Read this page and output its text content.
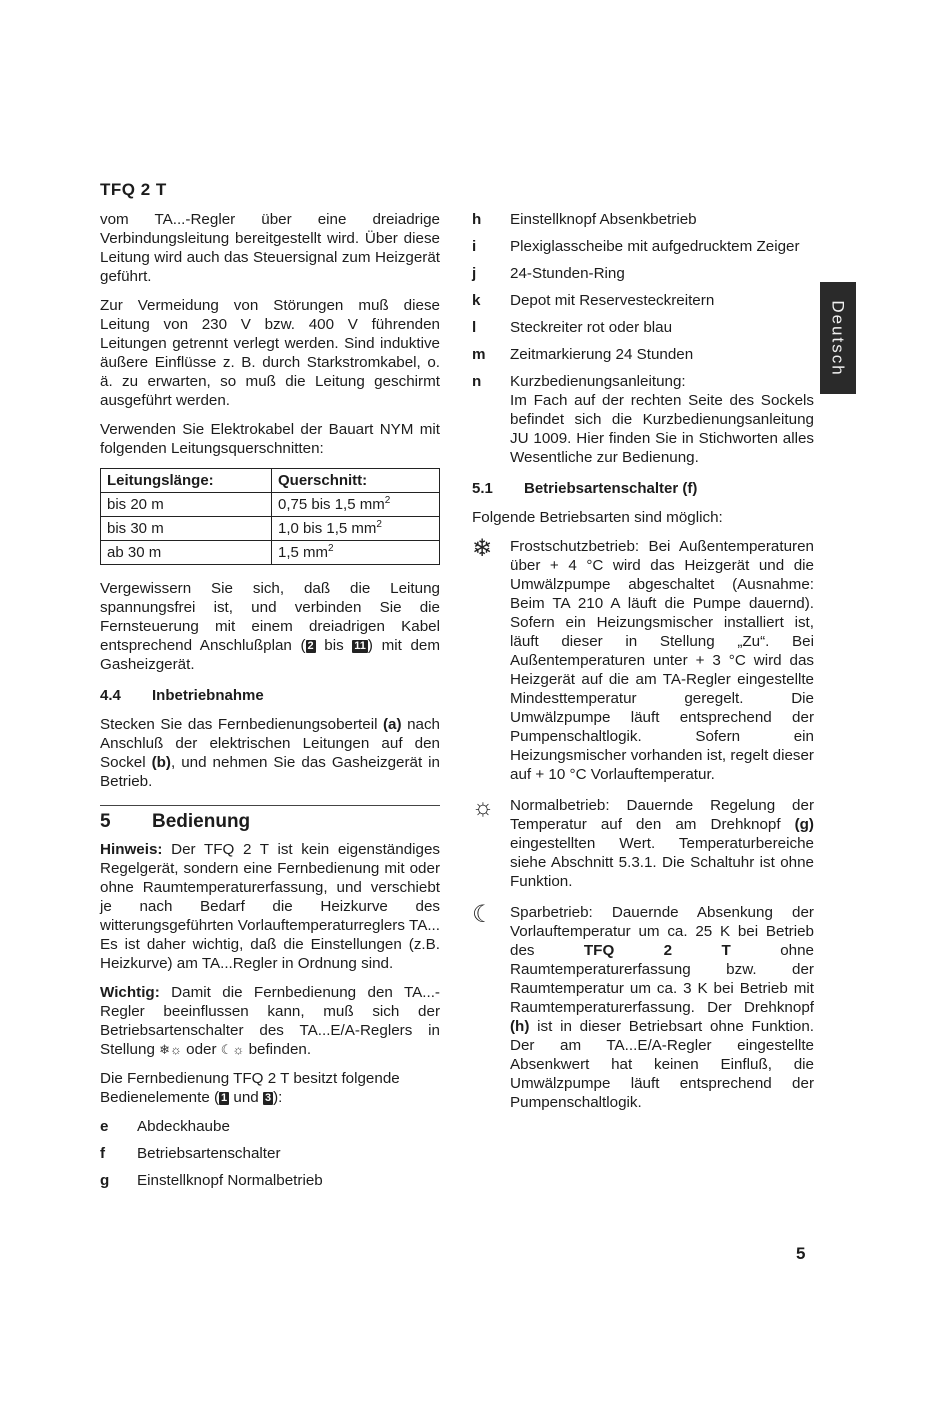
TFQ 2 T

vom TA...-Regler über eine dreiadrige Verbindungsleitung bereitgestellt wird. Über diese Leitung wird auch das Steuersignal zum Heizgerät geführt.

Zur Vermeidung von Störungen muß diese Leitung von 230 V bzw. 400 V führenden Leitungen getrennt verlegt werden. Sind induktive äußere Einflüsse z. B. durch Starkstromkabel, o. ä. zu erwarten, so muß die Leitung geschirmt ausgeführt werden.

Verwenden Sie Elektrokabel der Bauart NYM mit folgenden Leitungsquerschnitten:

Leitungslänge:	Querschnitt:
bis 20 m	0,75 bis 1,5 $mm^2$
bis 30 m	1,0 bis 1,5 $mm^2$
ab 30 m	1,5 $mm^2$

Vergewissern Sie sich, daß die Leitung spannungsfrei ist, und verbinden Sie die Fernsteuerung mit einem dreiadrigen Kabel entsprechend Anschlußplan ( 2 bis 11 ) mit dem Gasheizgerät.

4.4 Inbetriebnahme

Stecken Sie das Fernbedienungsoberteil (a) nach Anschluß der elektrischen Leitungen auf den Sockel (b), und nehmen Sie das Gasheizgerät in Betrieb.

5 Bedienung

Hinweis: Der TFQ 2 T ist kein eigenständiges Regelgerät, sondern eine Fernbedienung mit oder ohne Raumtemperaturerfassung, und verschiebt je nach Bedarf die Heizkurve des witterungsgeführten Vorlauftemperaturreglers TA... Es ist daher wichtig, daß die Einstellungen (z.B. Heizkurve) am TA...Regler in Ordnung sind.

Wichtig: Damit die Fernbedienung den TA...-Regler beeinflussen kann, muß sich der Betriebsartenschalter des TA...E/A-Reglers in Stellung ❄☼ oder ☾☼ befinden.

Die Fernbedienung TFQ 2 T besitzt folgende Bedienelemente ( 1 und 3 ):

e	Abdeckhaube
f	Betriebsartenschalter
g	Einstellknopf Normalbetrieb
h	Einstellknopf Absenkbetrieb
i	Plexiglasscheibe mit aufgedrucktem Zeiger
j	24-Stunden-Ring
k	Depot mit Reservesteckreitern
l	Steckreiter rot oder blau
m	Zeitmarkierung 24 Stunden
n	Kurzbedienungsanleitung:
Im Fach auf der rechten Seite des Sockels befindet sich die Kurzbedienungsanleitung JU 1009. Hier finden Sie in Stichworten alles Wesentliche zur Bedienung.
5.1 Betriebsartenschalter (f)

Folgende Betriebsarten sind möglich:

❄	Frostschutzbetrieb: Bei Außentemperaturen über + 4 °C wird das Heizgerät und die Umwälzpumpe abgeschaltet (Ausnahme: Beim TA 210 A läuft die Pumpe dauernd). Sofern ein Heizungsmischer installiert ist, läuft dieser in Stellung „Zu“. Bei Außentemperaturen unter + 3 °C wird das Heizgerät auf die am TA-Regler eingestellte Mindesttemperatur geregelt. Die Umwälzpumpe läuft entsprechend der Pumpenschaltlogik. Sofern ein Heizungsmischer vorhanden ist, regelt dieser auf + 10 °C Vorlauftemperatur.
☼	Normalbetrieb: Dauernde Regelung der Temperatur auf den am Drehknopf (g) eingestellten Wert. Temperaturbereiche siehe Abschnitt 5.3.1. Die Schaltuhr ist ohne Funktion.
☾	Sparbetrieb: Dauernde Absenkung der Vorlauftemperatur um ca. 25 K bei Betrieb des TFQ 2 T ohne Raumtemperaturerfassung bzw. der Raumtemperatur um ca. 3 K bei Betrieb mit Raumtemperaturerfassung. Der Drehknopf (h) ist in dieser Betriebsart ohne Funktion. Der am TA...E/A-Regler eingestellte Absenkwert hat keinen Einfluß, die Umwälzpumpe läuft entsprechend der Pumpenschaltlogik.
Deutsch
5
